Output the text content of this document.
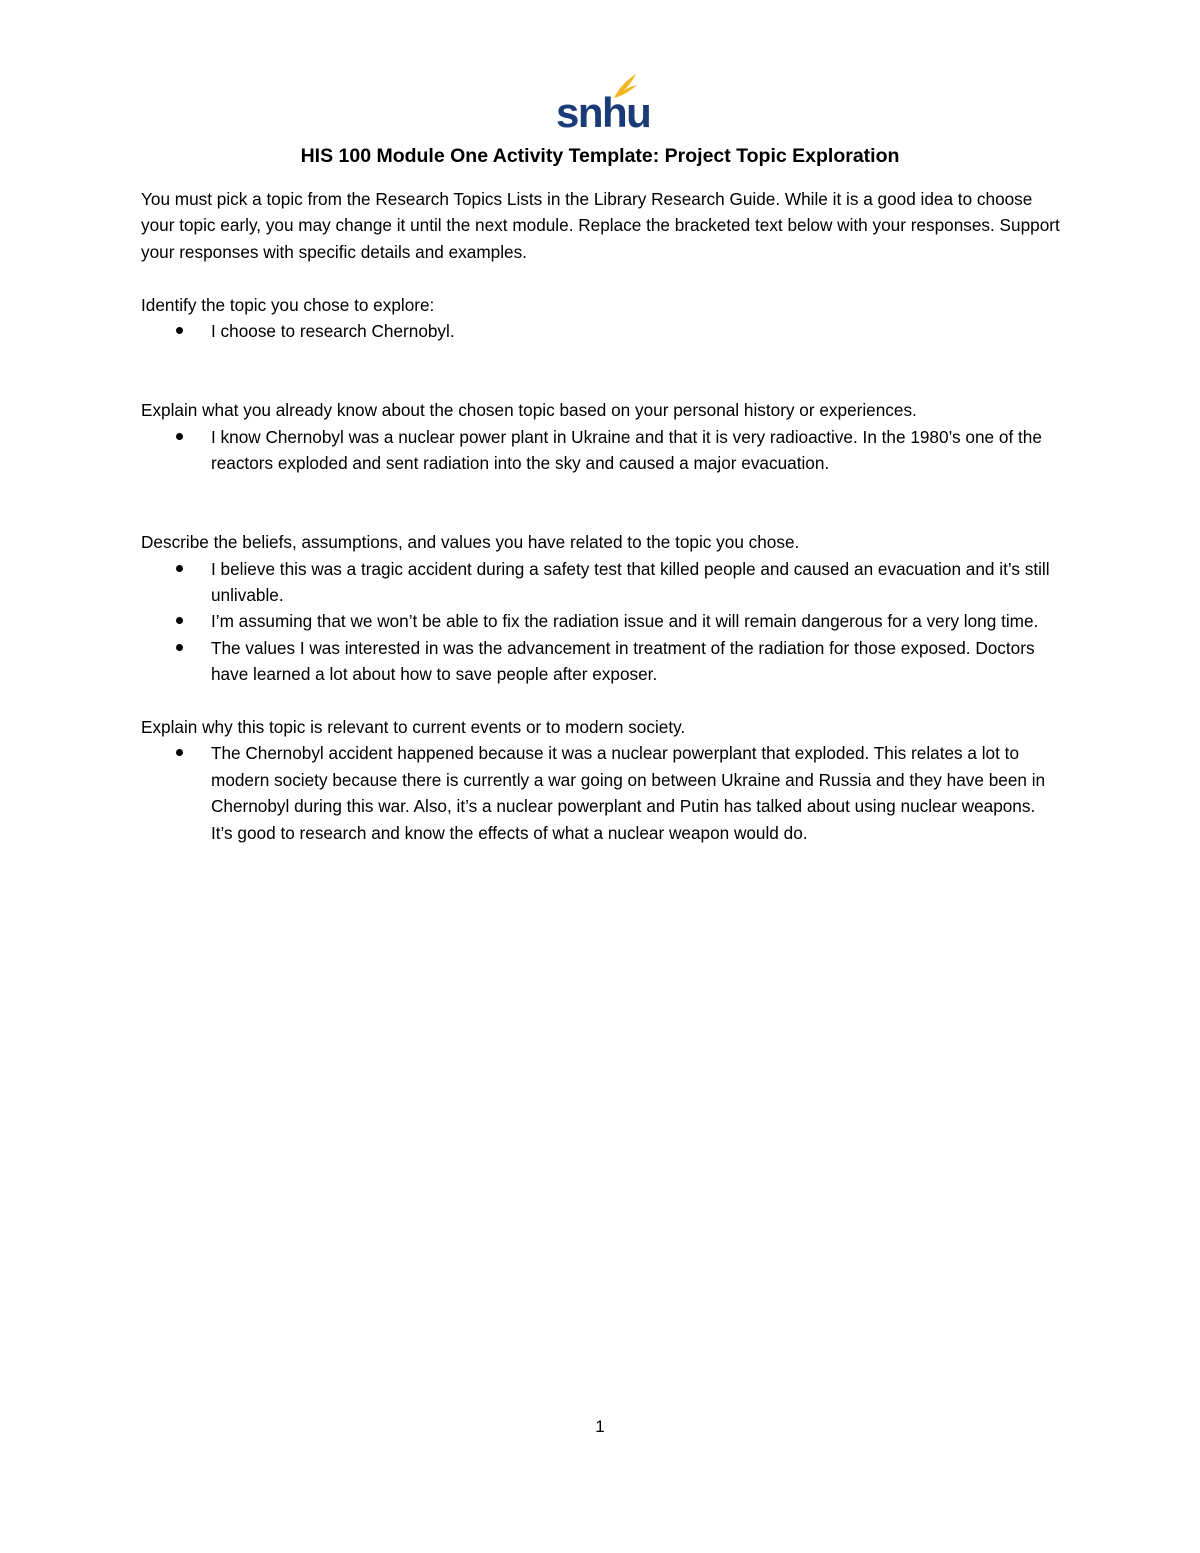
snhu
HIS 100 Module One Activity Template: Project Topic Exploration

You must pick a topic from the Research Topics Lists in the Library Research Guide. While it is a good idea to choose your topic early, you may change it until the next module. Replace the bracketed text below with your responses. Support your responses with specific details and examples.

Identify the topic you chose to explore:

I choose to research Chernobyl.

Explain what you already know about the chosen topic based on your personal history or experiences.

I know Chernobyl was a nuclear power plant in Ukraine and that it is very radioactive. In the 1980’s one of the reactors exploded and sent radiation into the sky and caused a major evacuation.

Describe the beliefs, assumptions, and values you have related to the topic you chose.

I believe this was a tragic accident during a safety test that killed people and caused an evacuation and it’s still unlivable.
I’m assuming that we won’t be able to fix the radiation issue and it will remain dangerous for a very long time.
The values I was interested in was the advancement in treatment of the radiation for those exposed. Doctors have learned a lot about how to save people after exposer.

Explain why this topic is relevant to current events or to modern society.

The Chernobyl accident happened because it was a nuclear powerplant that exploded. This relates a lot to modern society because there is currently a war going on between Ukraine and Russia and they have been in Chernobyl during this war. Also, it’s a nuclear powerplant and Putin has talked about using nuclear weapons. It’s good to research and know the effects of what a nuclear weapon would do.
1
